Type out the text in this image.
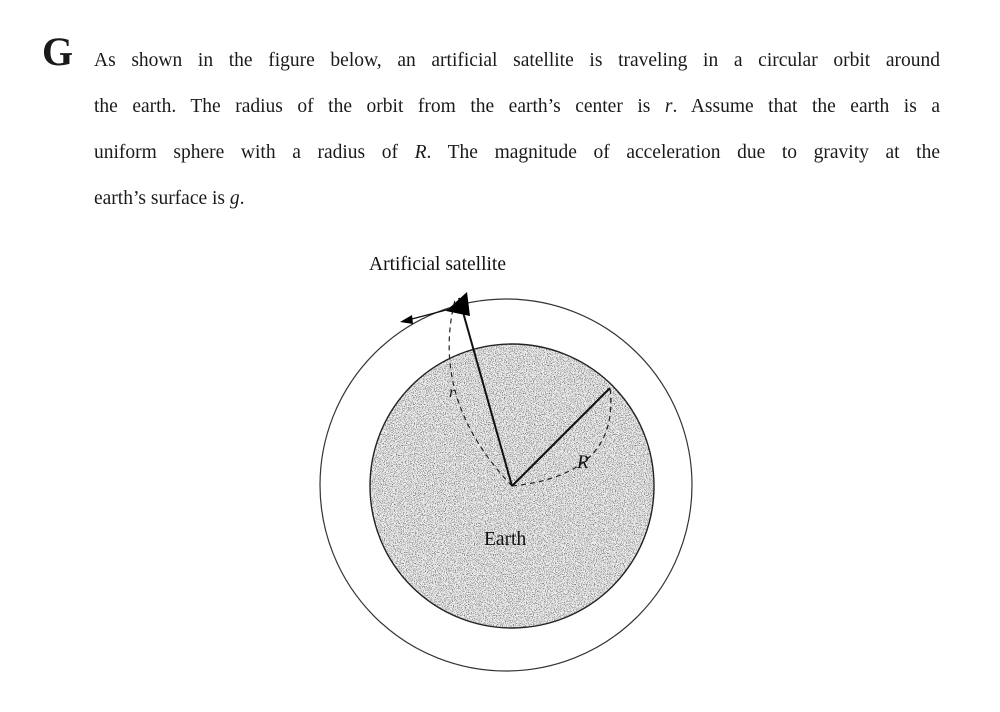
G As shown in the figure below, an artificial satellite is traveling in a circular orbit around
the earth. The radius of the orbit from the earth’s center is r. Assume that the earth is a
uniform sphere with a radius of R. The magnitude of acceleration due to gravity at the
earth’s surface is g.
Artificial satellite
r
R
Earth
